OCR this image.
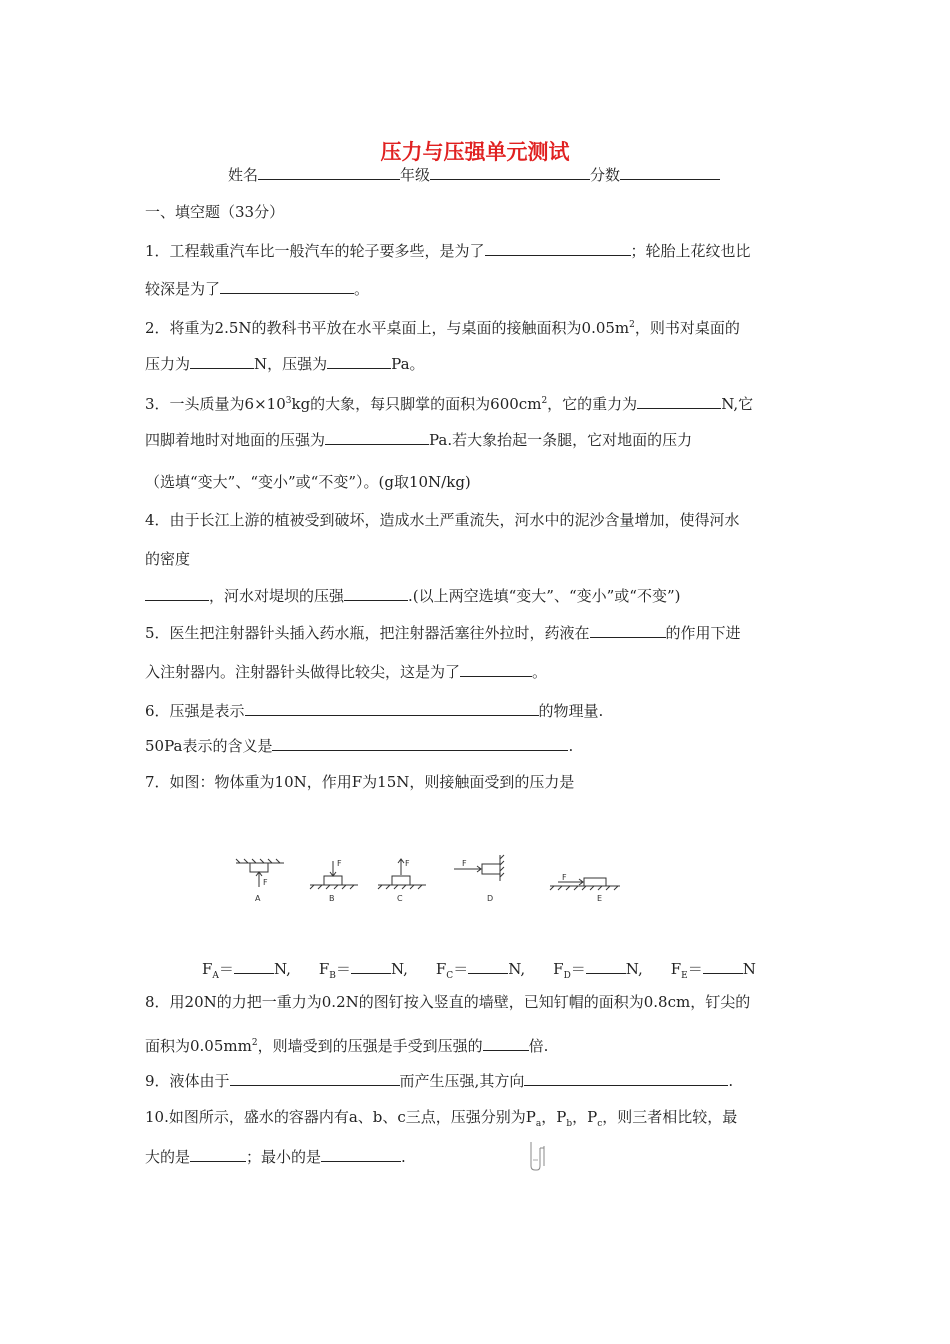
压力与压强单元测试
姓名	年级	分数
一、填空题（33分）
1．工程载重汽车比一般汽车的轮子要多些，是为了	；轮胎上花纹也比
较深是为了	。
2．将重为2.5N的教科书平放在水平桌面上，与桌面的接触面积为$0.05m^2$，则书对桌面的
压力为	N，压强为	Pa。
3．一头质量为$6\times 10^3kg$的大象，每只脚掌的面积为$600cm^2$，它的重力为	N,它
四脚着地时对地面的压强为	Pa.若大象抬起一条腿，它对地面的压力
（选填“变大”、“变小”或“不变”）。(g取10N/kg)
4．由于长江上游的植被受到破坏，造成水土严重流失，河水中的泥沙含量增加，使得河水
的密度
，河水对堤坝的压强	.(以上两空选填“变大”、“变小”或“不变”)
5．医生把注射器针头插入药水瓶，把注射器活塞往外拉时，药液在	的作用下进
入注射器内。注射器针头做得比较尖，这是为了	。
6．压强是表示	的物理量.
50Pa表示的含义是	.
7．如图：物体重为10N，作用F为15N，则接触面受到的压力是
F
A
F
B
F
C
F
D
F
E
$F_A=$	N, $F_B=$	N, $F_C=$	N, $F_D=$	N, $F_E=$	N
8．用20N的力把一重力为0.2N的图钉按入竖直的墙壁，已知钉帽的面积为0.8cm，钉尖的
面积为$0.05mm^2$，则墙受到的压强是手受到压强的	倍.
9．液体由于	而产生压强,其方向	.
10.如图所示，盛水的容器内有a、b、c三点，压强分别为$P_a$，$P_b$，$P_c$，则三者相比较，最
大的是	；最小的是	.
